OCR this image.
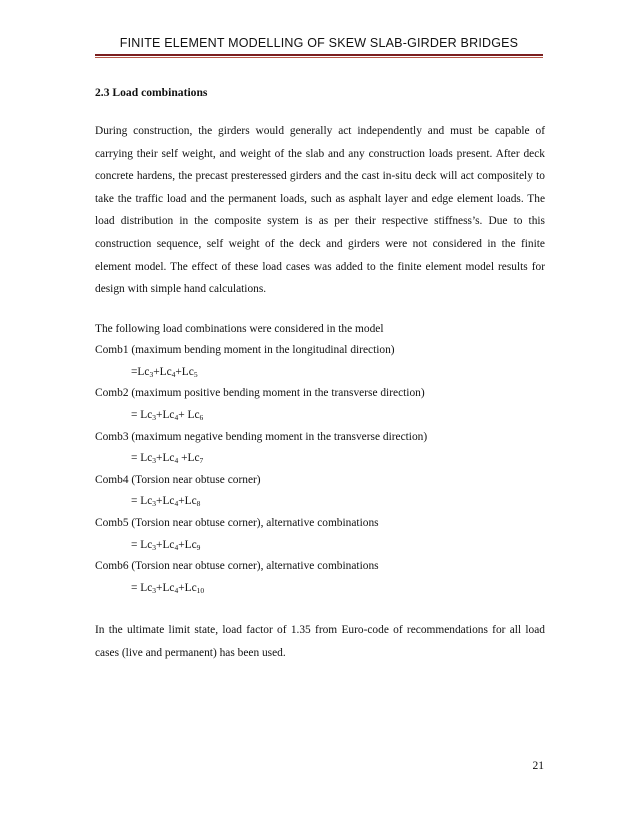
FINITE ELEMENT MODELLING OF SKEW SLAB-GIRDER BRIDGES
2.3 Load combinations

During construction, the girders would generally act independently and must be capable of carrying their self weight, and weight of the slab and any construction loads present. After deck concrete hardens, the precast presteressed girders and the cast in-situ deck will act compositely to take the traffic load and the permanent loads, such as asphalt layer and edge element loads. The load distribution in the composite system is as per their respective stiffness’s. Due to this construction sequence, self weight of the deck and girders were not considered in the finite element model. The effect of these load cases was added to the finite element model results for design with simple hand calculations.

The following load combinations were considered in the model

Comb1 (maximum bending moment in the longitudinal direction)
$=Lc_3+Lc_4+Lc_5$
Comb2 (maximum positive bending moment in the transverse direction)
= $Lc_3+Lc_4+ Lc_6$
Comb3 (maximum negative bending moment in the transverse direction)
= $Lc_3+Lc_4 +Lc_7$
Comb4 (Torsion near obtuse corner)
= $Lc_3+Lc_4+Lc_8$
Comb5 (Torsion near obtuse corner), alternative combinations
= $Lc_3+Lc_4+Lc_9$
Comb6 (Torsion near obtuse corner), alternative combinations
= $Lc_3+Lc_4+Lc_{10}$

In the ultimate limit state, load factor of 1.35 from Euro-code of recommendations for all load cases (live and permanent) has been used.

21
